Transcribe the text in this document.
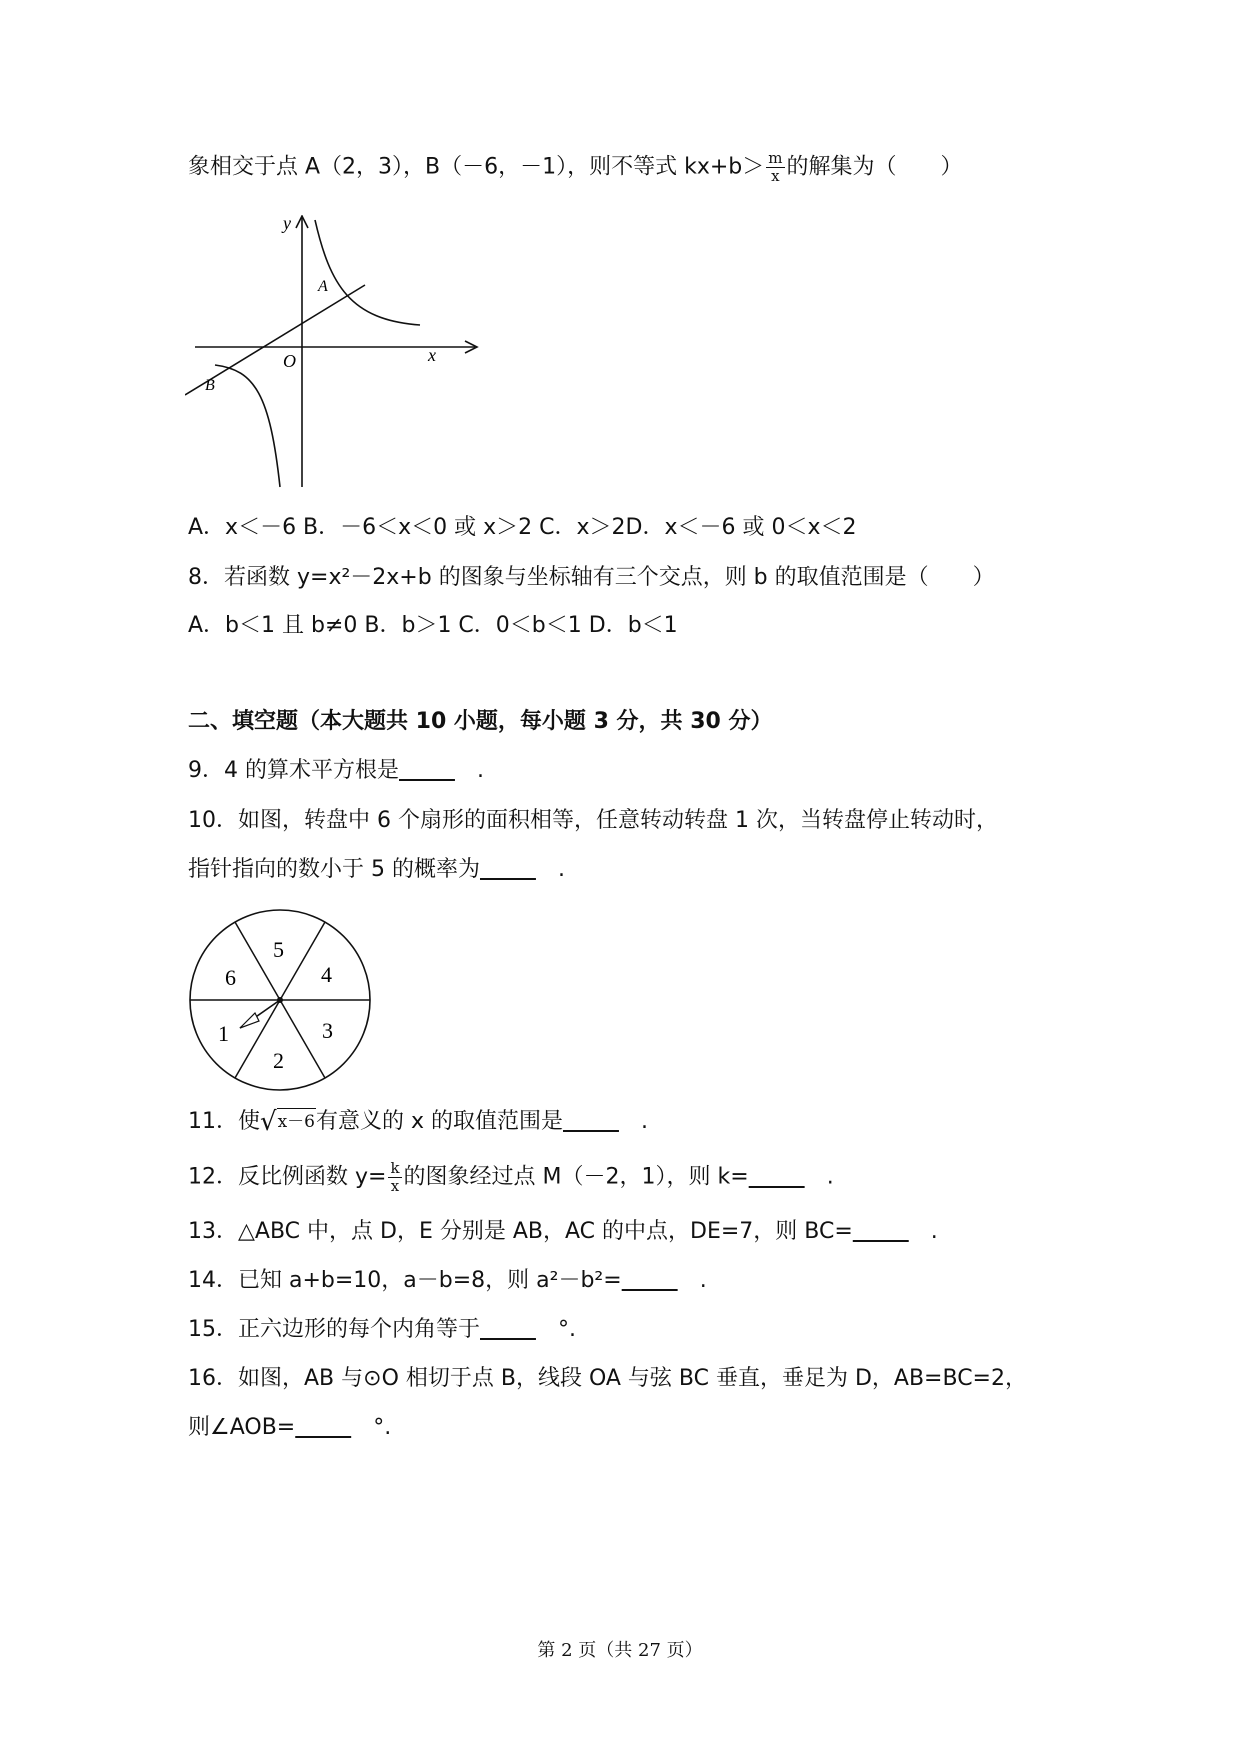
象相交于点 A（2，3），B（－6，－1），则不等式 $kx+b> \frac{m}{x}$ 的解集为（　　）
y
x
O
A
B
A．x＜－6 B．－6＜x＜0 或 x＞2 C．x＞2D．x＜－6 或 0＜x＜2
8．若函数 y=x²－2x+b 的图象与坐标轴有三个交点，则 b 的取值范围是（　　）
A．b＜1 且 b≠0 B．b＞1 C．0＜b＜1 D．b＜1
二、填空题（本大题共 10 小题，每小题 3 分，共 30 分）
9．4 的算术平方根是	.
10．如图，转盘中 6 个扇形的面积相等，任意转动转盘 1 次，当转盘停止转动时，
指针指向的数小于 5 的概率为	.
5
4
6
1	3
2
11．使 √ x－6 有意义的 x 的取值范围是	.
12．反比例函数 $y= \frac{k}{x}$ 的图象经过点 M（－2，1），则 k=	.
13．△ABC 中，点 D，E 分别是 AB，AC 的中点，DE=7，则 BC=	.
14．已知 a+b=10，a－b=8，则 a²－b²=	.
15．正六边形的每个内角等于	°.
16．如图，AB 与⊙O 相切于点 B，线段 OA 与弦 BC 垂直，垂足为 D，AB=BC=2，
则∠AOB=	°.
第 2 页（共 27 页）
